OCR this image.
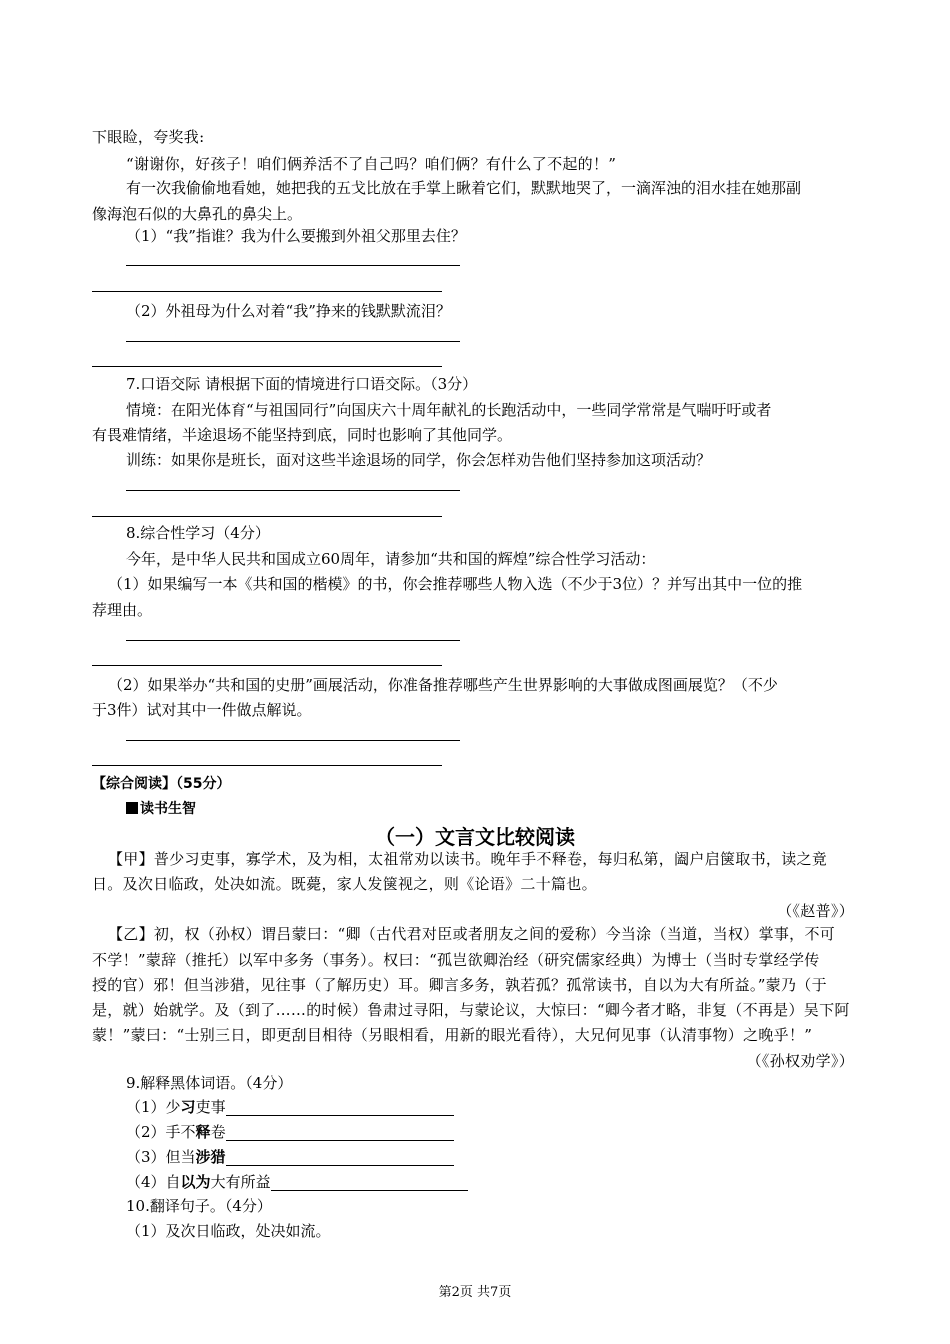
下眼睑，夸奖我:
“谢谢你，好孩子！咱们俩养活不了自己吗？咱们俩？有什么了不起的！”
有一次我偷偷地看她，她把我的五戈比放在手掌上瞅着它们，默默地哭了，一滴浑浊的泪水挂在她那副
像海泡石似的大鼻孔的鼻尖上。
（1）“我”指谁？我为什么要搬到外祖父那里去住？
（2）外祖母为什么对着“我”挣来的钱默默流泪？
7.口语交际 请根据下面的情境进行口语交际。（3分）
情境：在阳光体育“与祖国同行”向国庆六十周年献礼的长跑活动中，一些同学常常是气喘吁吁或者
有畏难情绪，半途退场不能坚持到底，同时也影响了其他同学。
训练：如果你是班长，面对这些半途退场的同学，你会怎样劝告他们坚持参加这项活动？
8.综合性学习（4分）
今年，是中华人民共和国成立60周年，请参加“共和国的辉煌”综合性学习活动：
（1）如果编写一本《共和国的楷模》的书，你会推荐哪些人物入选（不少于3位）？并写出其中一位的推
荐理由。
（2）如果举办“共和国的史册”画展活动，你准备推荐哪些产生世界影响的大事做成图画展览？（不少
于3件）试对其中一件做点解说。
【综合阅读】（55分）
读书生智
（一）文言文比较阅读
【甲】普少习吏事，寡学术，及为相，太祖常劝以读书。晚年手不释卷，每归私第，阖户启箧取书，读之竟
日。及次日临政，处决如流。既薨，家人发箧视之，则《论语》二十篇也。
（《赵普》）
【乙】初，权（孙权）谓吕蒙曰：“卿（古代君对臣或者朋友之间的爱称）今当涂（当道，当权）掌事，不可
不学！”蒙辞（推托）以军中多务（事务）。权曰：“孤岂欲卿治经（研究儒家经典）为博士（当时专掌经学传
授的官）邪！但当涉猎，见往事（了解历史）耳。卿言多务，孰若孤？孤常读书，自以为大有所益。”蒙乃（于
是，就）始就学。及（到了……的时候）鲁肃过寻阳，与蒙论议，大惊曰：“卿今者才略，非复（不再是）吴下阿
蒙！”蒙曰：“士别三日，即更刮目相待（另眼相看，用新的眼光看待），大兄何见事（认清事物）之晚乎！”
（《孙权劝学》）
9.解释黑体词语。（4分）
（1）少习吏事
（2）手不释卷
（3）但当涉猎
（4）自以为大有所益
10.翻译句子。（4分）
（1）及次日临政，处决如流。
第2页 共7页
